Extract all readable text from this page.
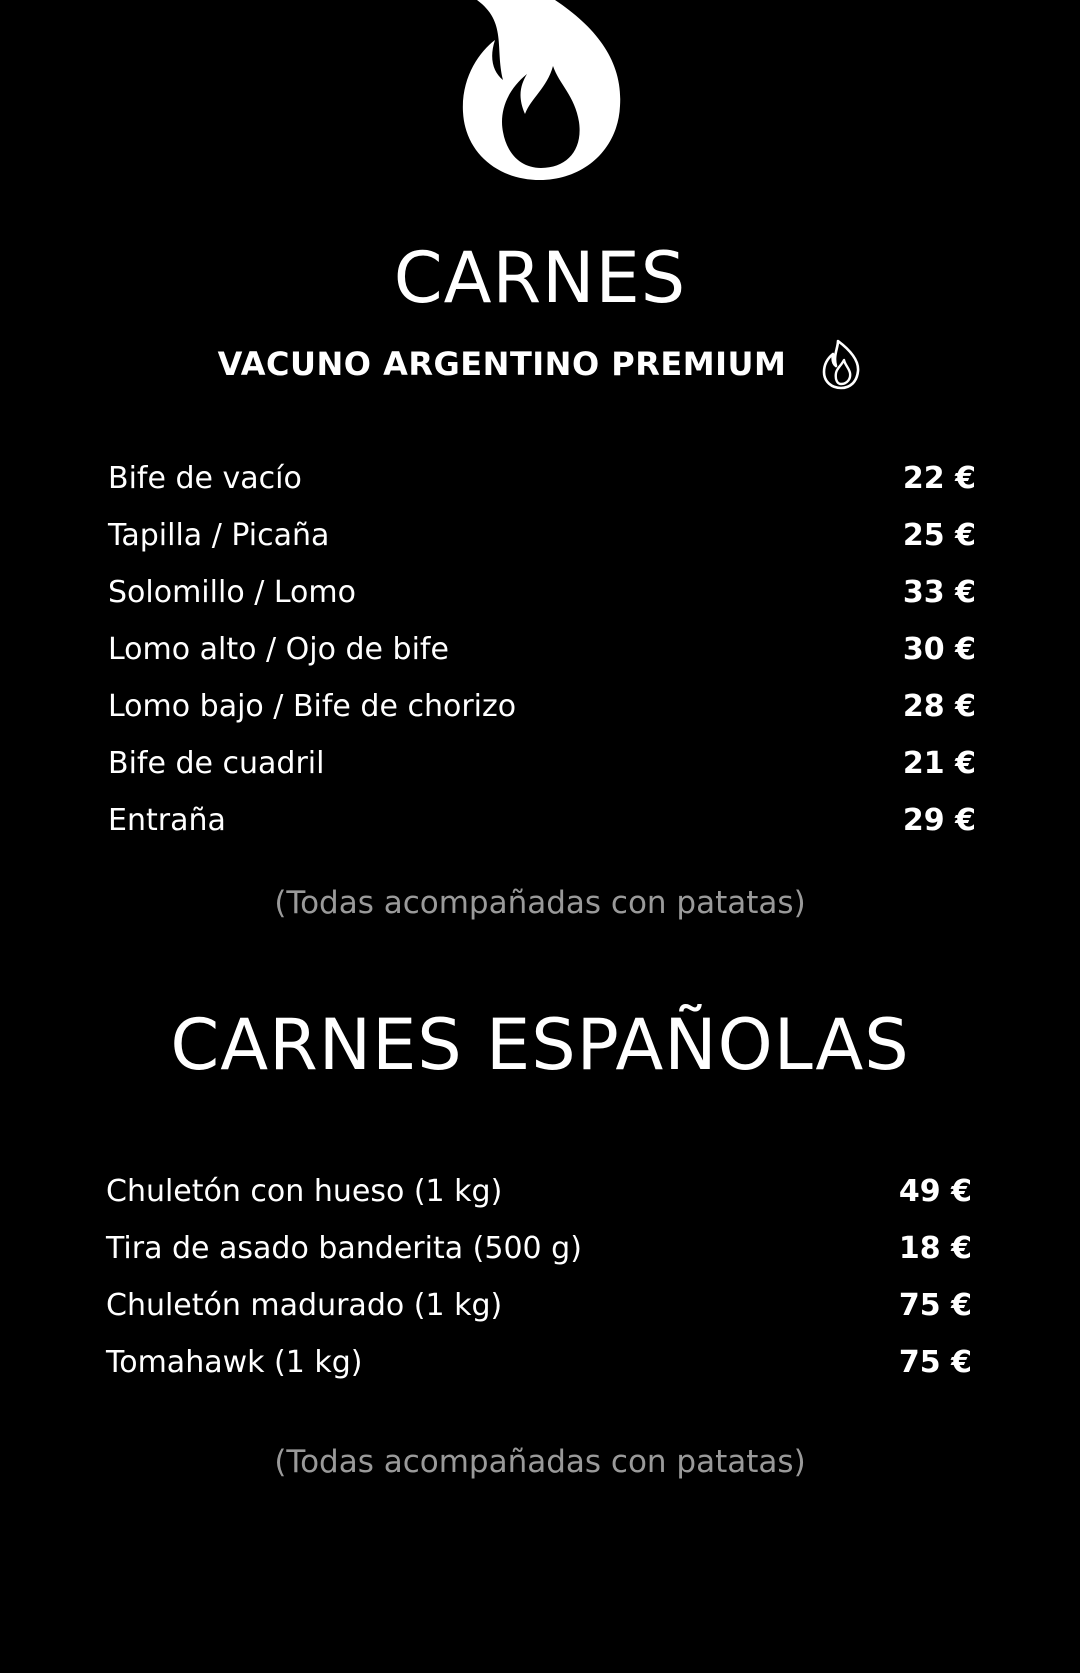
CARNES
VACUNO ARGENTINO PREMIUM
Bife de vacío	22 €
Tapilla / Picaña	25 €
Solomillo / Lomo	33 €
Lomo alto / Ojo de bife	30 €
Lomo bajo / Bife de chorizo	28 €
Bife de cuadril	21 €
Entraña	29 €
(Todas acompañadas con patatas)
CARNES ESPAÑOLAS
Chuletón con hueso (1 kg)	49 €
Tira de asado banderita (500 g)	18 €
Chuletón madurado (1 kg)	75 €
Tomahawk (1 kg)	75 €
(Todas acompañadas con patatas)
